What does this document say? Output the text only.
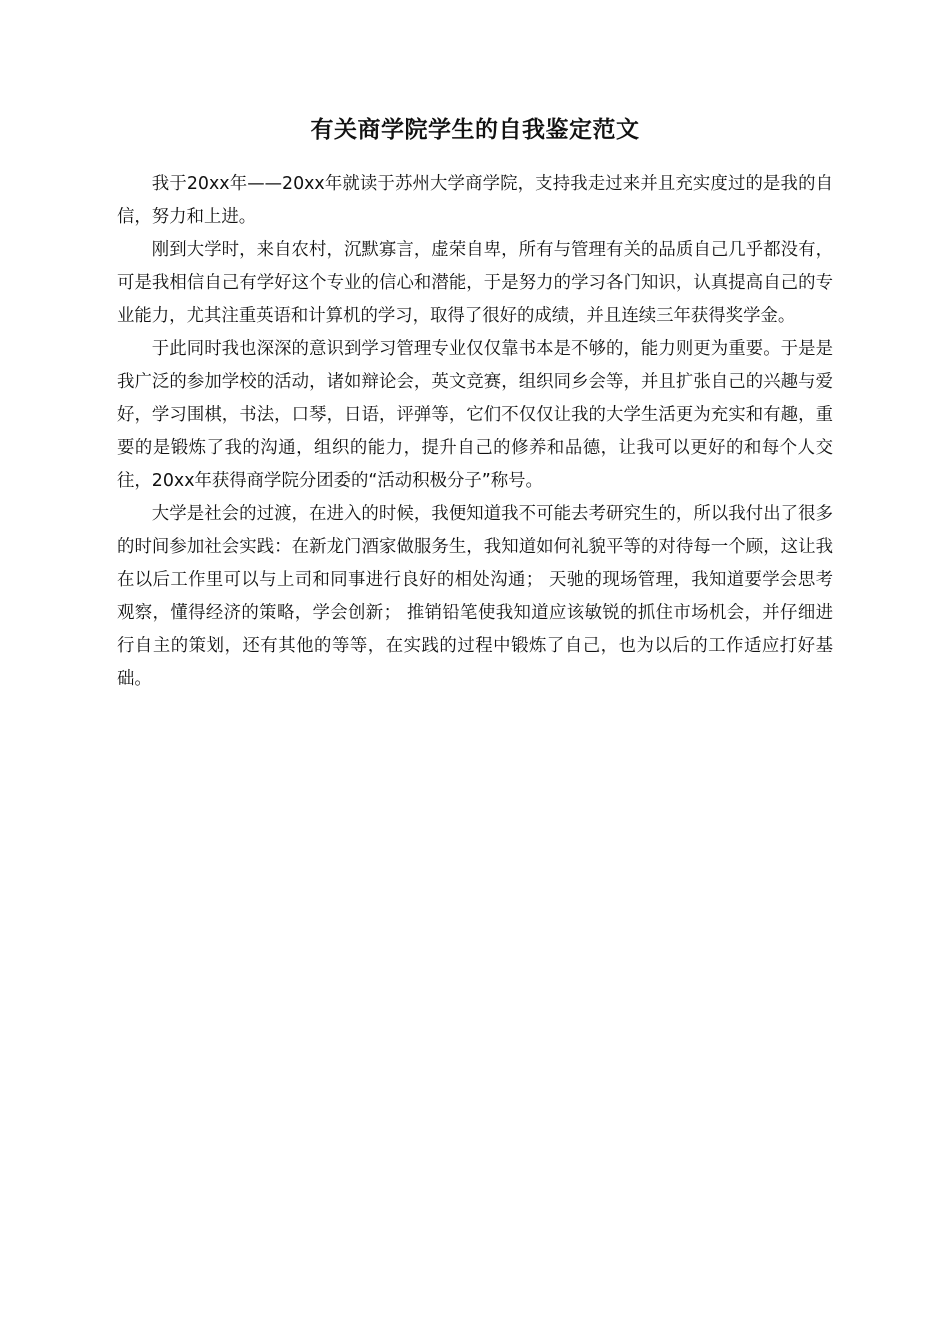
有关商学院学生的自我鉴定范文

我于20xx年——20xx年就读于苏州大学商学院，支持我走过来并且充实度过的是我的自信，努力和上进。

刚到大学时，来自农村，沉默寡言，虚荣自卑，所有与管理有关的品质自己几乎都没有，可是我相信自己有学好这个专业的信心和潜能，于是努力的学习各门知识，认真提高自己的专业能力，尤其注重英语和计算机的学习，取得了很好的成绩，并且连续三年获得奖学金。

于此同时我也深深的意识到学习管理专业仅仅靠书本是不够的，能力则更为重要。于是是我广泛的参加学校的活动，诸如辩论会，英文竞赛，组织同乡会等，并且扩张自己的兴趣与爱好，学习围棋，书法，口琴，日语，评弹等，它们不仅仅让我的大学生活更为充实和有趣，重要的是锻炼了我的沟通，组织的能力，提升自己的修养和品德，让我可以更好的和每个人交往，20xx年获得商学院分团委的“活动积极分子”称号。

大学是社会的过渡，在进入的时候，我便知道我不可能去考研究生的，所以我付出了很多的时间参加社会实践：在新龙门酒家做服务生，我知道如何礼貌平等的对待每一个顾，这让我在以后工作里可以与上司和同事进行良好的相处沟通； 天驰的现场管理，我知道要学会思考观察，懂得经济的策略，学会创新； 推销铅笔使我知道应该敏锐的抓住市场机会，并仔细进行自主的策划，还有其他的等等，在实践的过程中锻炼了自己，也为以后的工作适应打好基础。
